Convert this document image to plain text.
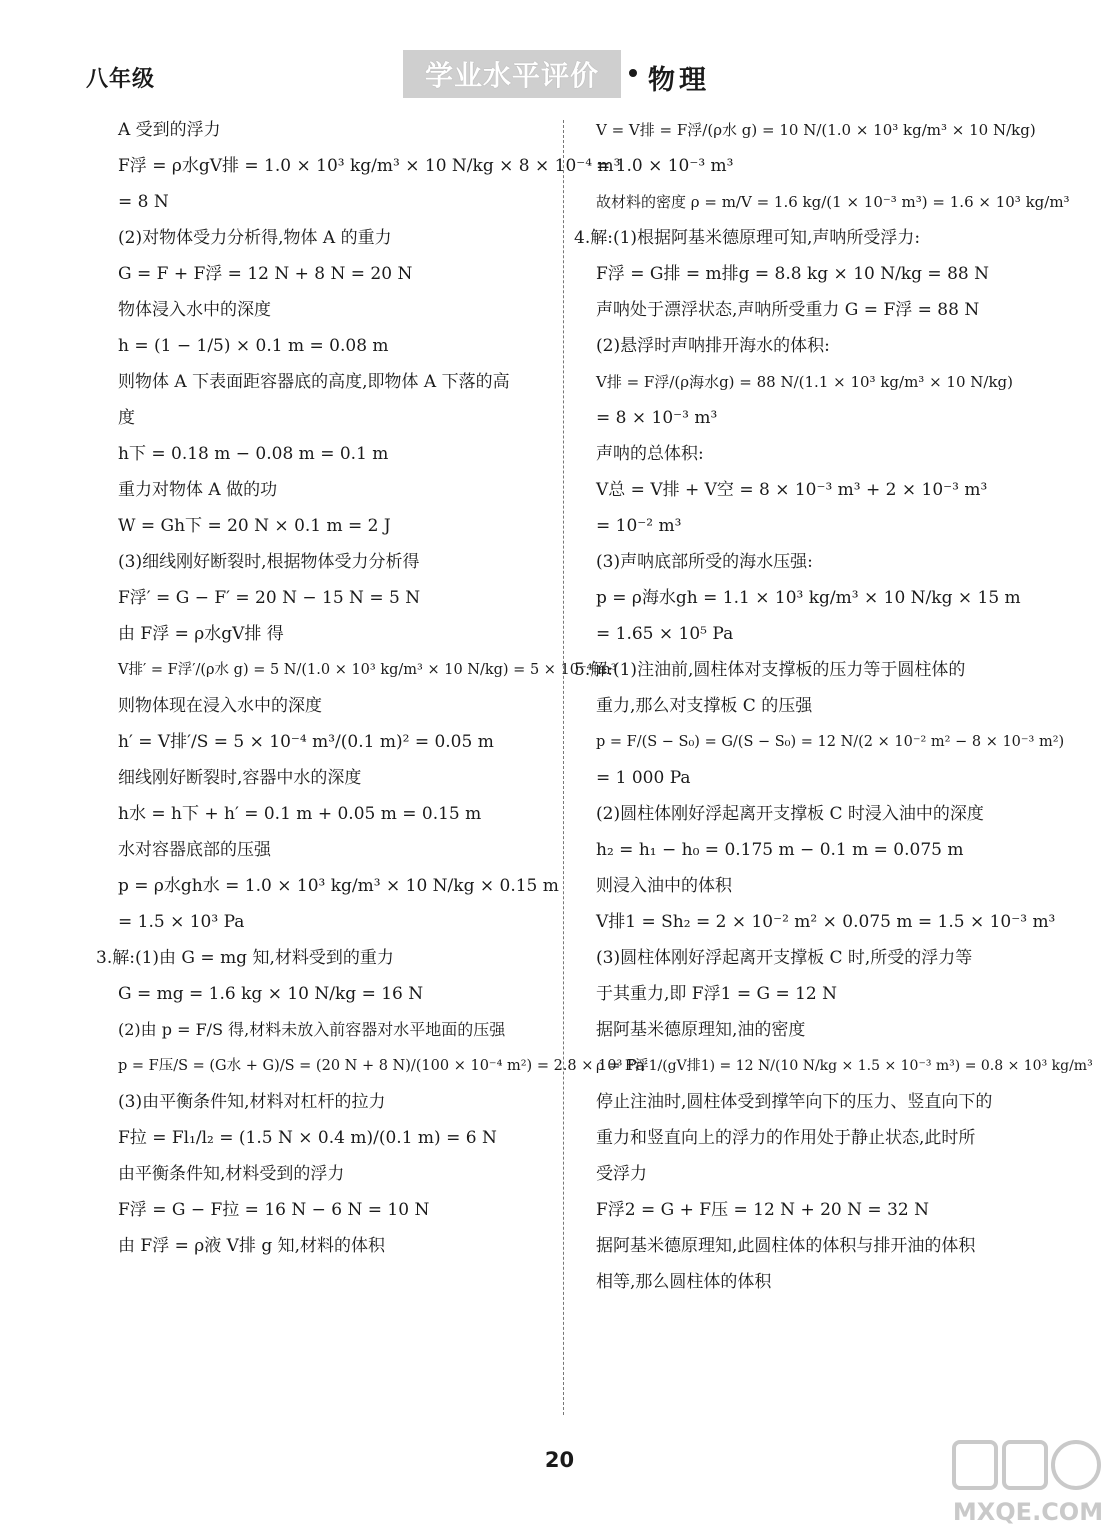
八年级	学业水平评价	物理
A 受到的浮力
F浮 = ρ水gV排 = 1.0 × 10³ kg/m³ × 10 N/kg × 8 × 10⁻⁴ m³
= 8 N
(2)对物体受力分析得,物体 A 的重力
G = F + F浮 = 12 N + 8 N = 20 N
物体浸入水中的深度
h = (1 − 1/5) × 0.1 m = 0.08 m
则物体 A 下表面距容器底的高度,即物体 A 下落的高
度
h下 = 0.18 m − 0.08 m = 0.1 m
重力对物体 A 做的功
W = Gh下 = 20 N × 0.1 m = 2 J
(3)细线刚好断裂时,根据物体受力分析得
F浮′ = G − F′ = 20 N − 15 N = 5 N
由 F浮 = ρ水gV排 得
V排′ = F浮′/(ρ水 g) = 5 N/(1.0 × 10³ kg/m³ × 10 N/kg) = 5 × 10⁻⁴ m³
则物体现在浸入水中的深度
h′ = V排′/S = 5 × 10⁻⁴ m³/(0.1 m)² = 0.05 m
细线刚好断裂时,容器中水的深度
h水 = h下 + h′ = 0.1 m + 0.05 m = 0.15 m
水对容器底部的压强
p = ρ水gh水 = 1.0 × 10³ kg/m³ × 10 N/kg × 0.15 m
= 1.5 × 10³ Pa
3.解:(1)由 G = mg 知,材料受到的重力
G = mg = 1.6 kg × 10 N/kg = 16 N
(2)由 p = F/S 得,材料未放入前容器对水平地面的压强
p = F压/S = (G水 + G)/S = (20 N + 8 N)/(100 × 10⁻⁴ m²) = 2.8 × 10³ Pa
(3)由平衡条件知,材料对杠杆的拉力
F拉 = Fl₁/l₂ = (1.5 N × 0.4 m)/(0.1 m) = 6 N
由平衡条件知,材料受到的浮力
F浮 = G − F拉 = 16 N − 6 N = 10 N
由 F浮 = ρ液 V排 g 知,材料的体积
V = V排 = F浮/(ρ水 g) = 10 N/(1.0 × 10³ kg/m³ × 10 N/kg)
= 1.0 × 10⁻³ m³
故材料的密度 ρ = m/V = 1.6 kg/(1 × 10⁻³ m³) = 1.6 × 10³ kg/m³
4.解:(1)根据阿基米德原理可知,声呐所受浮力:
F浮 = G排 = m排g = 8.8 kg × 10 N/kg = 88 N
声呐处于漂浮状态,声呐所受重力 G = F浮 = 88 N
(2)悬浮时声呐排开海水的体积:
V排 = F浮/(ρ海水g) = 88 N/(1.1 × 10³ kg/m³ × 10 N/kg)
= 8 × 10⁻³ m³
声呐的总体积:
V总 = V排 + V空 = 8 × 10⁻³ m³ + 2 × 10⁻³ m³
= 10⁻² m³
(3)声呐底部所受的海水压强:
p = ρ海水gh = 1.1 × 10³ kg/m³ × 10 N/kg × 15 m
= 1.65 × 10⁵ Pa
5.解:(1)注油前,圆柱体对支撑板的压力等于圆柱体的
重力,那么对支撑板 C 的压强
p = F/(S − S₀) = G/(S − S₀) = 12 N/(2 × 10⁻² m² − 8 × 10⁻³ m²)
= 1 000 Pa
(2)圆柱体刚好浮起离开支撑板 C 时浸入油中的深度
h₂ = h₁ − h₀ = 0.175 m − 0.1 m = 0.075 m
则浸入油中的体积
V排1 = Sh₂ = 2 × 10⁻² m² × 0.075 m = 1.5 × 10⁻³ m³
(3)圆柱体刚好浮起离开支撑板 C 时,所受的浮力等
于其重力,即 F浮1 = G = 12 N
据阿基米德原理知,油的密度
ρ = F浮1/(gV排1) = 12 N/(10 N/kg × 1.5 × 10⁻³ m³) = 0.8 × 10³ kg/m³
停止注油时,圆柱体受到撑竿向下的压力、竖直向下的
重力和竖直向上的浮力的作用处于静止状态,此时所
受浮力
F浮2 = G + F压 = 12 N + 20 N = 32 N
据阿基米德原理知,此圆柱体的体积与排开油的体积
相等,那么圆柱体的体积
20
MXQE.COM
